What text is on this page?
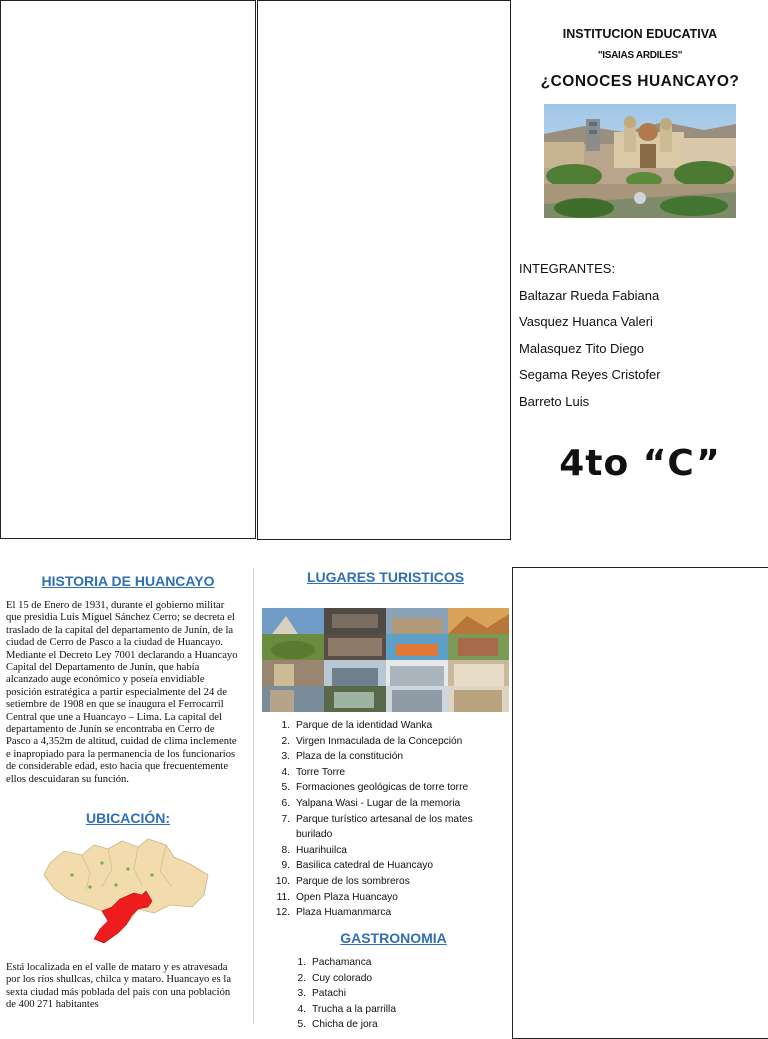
INSTITUCION EDUCATIVA
"ISAIAS ARDILES"
¿CONOCES HUANCAYO?
INTEGRANTES:
Baltazar Rueda Fabiana
Vasquez Huanca Valeri
Malasquez Tito Diego
Segama Reyes Cristofer
Barreto Luis
4to “C”
HISTORIA DE HUANCAYO
El 15 de Enero de 1931, durante el gobierno militar
que presidia Luis Miguel Sánchez Cerro; se decreta el
traslado de la capital del departamento de Junín, de la
ciudad de Cerro de Pasco a la ciudad de Huancayo.
Mediante el Decreto Ley 7001 declarando a Huancayo
Capital del Departamento de Junín, que había
alcanzado auge económico y poseía envidiable
posición estratégica a partir especialmente del 24 de
setiembre de 1908 en que se inaugura el Ferrocarril
Central que une a Huancayo – Lima. La capital del
departamento de Junín se encontraba en Cerro de
Pasco a 4,352m de altitud, cuidad de clima inclemente
e inapropiado para la permanencia de los funcionarios
de considerable edad, esto hacia que frecuentemente
ellos descuidaran su función.
UBICACIÓN:
Está localizada en el valle de mataro y es atravesada
por los ríos shullcas, chilca y mataro. Huancayo es la
sexta ciudad más poblada del pais con una población
de 400 271 habitantes
LUGARES TURISTICOS
1. Parque de la identidad Wanka
2. Virgen Inmaculada de la Concepción
3. Plaza de la constitución
4. Torre Torre
5. Formaciones geológicas de torre torre
6. Yalpana Wasi - Lugar de la memoria
7. Parque turístico artesanal de los mates
burilado
8. Huarihuilca
9. Basilica catedral de Huancayo
10. Parque de los sombreros
11. Open Plaza Huancayo
12. Plaza Huamanmarca
GASTRONOMIA
1. Pachamanca
2. Cuy colorado
3. Patachi
4. Trucha a la parrilla
5. Chicha de jora
